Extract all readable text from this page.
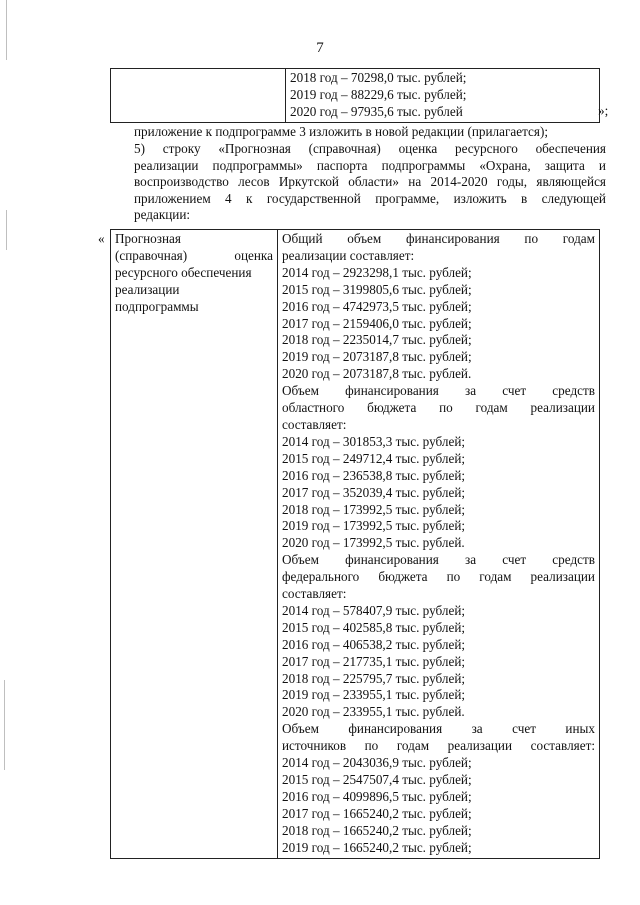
7

2018 год – 70298,0 тыс. рублей;
2019 год – 88229,6 тыс. рублей;
2020 год – 97935,6 тыс. рублей	»;

приложение к подпрограмме 3 изложить в новой редакции (прилагается);

5) строку «Прогнозная (справочная) оценка ресурсного обеспечения
реализации подпрограммы» паспорта подпрограммы «Охрана, защита и
воспроизводство лесов Иркутской области» на 2014-2020 годы, являющейся
приложением 4 к государственной программе, изложить в следующей
редакции:
« Прогнозная
(справочная) оценка
ресурсного обеспечения
реализации
подпрограммы

Общий объем финансирования по годам
реализации составляет:
2014 год – 2923298,1 тыс. рублей;
2015 год – 3199805,6 тыс. рублей;
2016 год – 4742973,5 тыс. рублей;
2017 год – 2159406,0 тыс. рублей;
2018 год – 2235014,7 тыс. рублей;
2019 год – 2073187,8 тыс. рублей;
2020 год – 2073187,8 тыс. рублей.
Объем финансирования за счет средств
областного бюджета по годам реализации
составляет:
2014 год – 301853,3 тыс. рублей;
2015 год – 249712,4 тыс. рублей;
2016 год – 236538,8 тыс. рублей;
2017 год – 352039,4 тыс. рублей;
2018 год – 173992,5 тыс. рублей;
2019 год – 173992,5 тыс. рублей;
2020 год – 173992,5 тыс. рублей.
Объем финансирования за счет средств
федерального бюджета по годам реализации
составляет:
2014 год – 578407,9 тыс. рублей;
2015 год – 402585,8 тыс. рублей;
2016 год – 406538,2 тыс. рублей;
2017 год – 217735,1 тыс. рублей;
2018 год – 225795,7 тыс. рублей;
2019 год – 233955,1 тыс. рублей;
2020 год – 233955,1 тыс. рублей.
Объем финансирования за счет иных
источников по годам реализации составляет:
2014 год – 2043036,9 тыс. рублей;
2015 год – 2547507,4 тыс. рублей;
2016 год – 4099896,5 тыс. рублей;
2017 год – 1665240,2 тыс. рублей;
2018 год – 1665240,2 тыс. рублей;
2019 год – 1665240,2 тыс. рублей;
